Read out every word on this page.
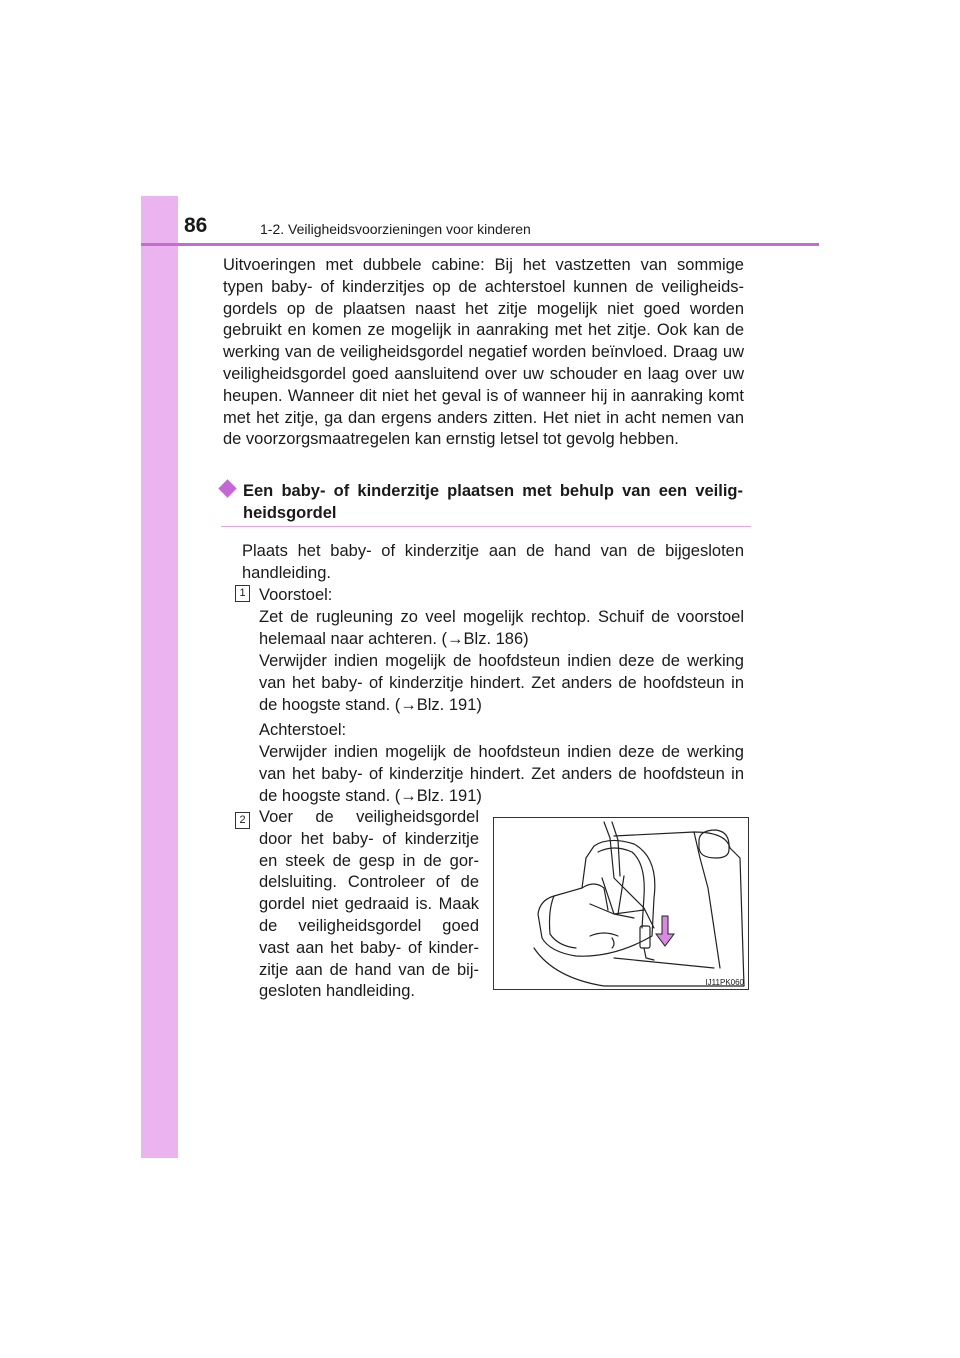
86	1-2. Veiligheidsvoorzieningen voor kinderen

Uitvoeringen met dubbele cabine: Bij het vastzetten van sommige typen baby- of kinderzitjes op de achterstoel kunnen de veiligheids-gordels op de plaatsen naast het zitje mogelijk niet goed worden gebruikt en komen ze mogelijk in aanraking met het zitje. Ook kan de werking van de veiligheidsgordel negatief worden beïnvloed. Draag uw veiligheidsgordel goed aansluitend over uw schouder en laag over uw heupen. Wanneer dit niet het geval is of wanneer hij in aanraking komt met het zitje, ga dan ergens anders zitten. Het niet in acht nemen van de voorzorgsmaatregelen kan ernstig letsel tot gevolg hebben.

Een baby- of kinderzitje plaatsen met behulp van een veilig-heidsgordel

Plaats het baby- of kinderzitje aan de hand van de bijgesloten handleiding.

1 Voorstoel:

Zet de rugleuning zo veel mogelijk rechtop. Schuif de voorstoel helemaal naar achteren. (→Blz. 186)

Verwijder indien mogelijk de hoofdsteun indien deze de werking van het baby- of kinderzitje hindert. Zet anders de hoofdsteun in de hoogste stand. (→Blz. 191)

Achterstoel:

Verwijder indien mogelijk de hoofdsteun indien deze de werking van het baby- of kinderzitje hindert. Zet anders de hoofdsteun in de hoogste stand. (→Blz. 191)

2 Voer de veiligheidsgordel door het baby- of kinderzitje en steek de gesp in de gor-delsluiting. Controleer of de gordel niet gedraaid is. Maak de veiligheidsgordel goed vast aan het baby- of kinder-zitje aan de hand van de bij-gesloten handleiding.	IJ11PK060
